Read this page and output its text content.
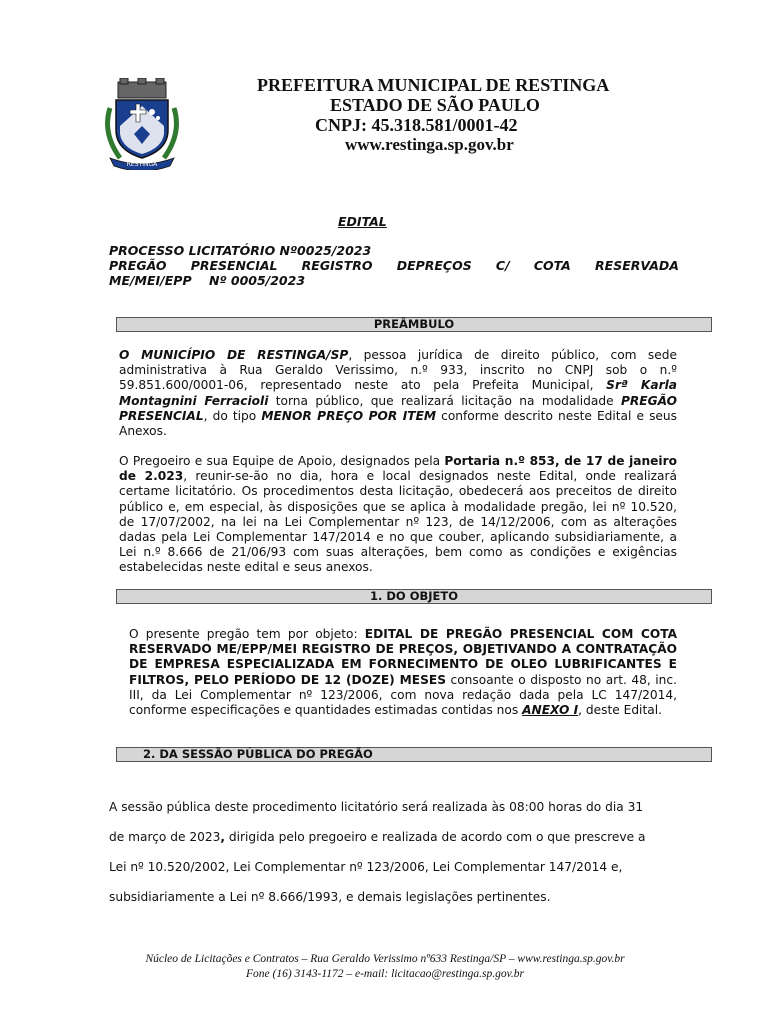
RESTINGA
PREFEITURA MUNICIPAL DE RESTINGA
ESTADO DE SÃO PAULO
CNPJ: 45.318.581/0001-42
www.restinga.sp.gov.br
EDITAL
PROCESSO LICITATÓRIO Nº0025/2023
PREGÃO PRESENCIAL REGISTRO DEPREÇOS C/ COTA RESERVADA
ME/MEI/EPP    Nº 0005/2023
PREÂMBULO
O MUNICÍPIO DE RESTINGA/SP, pessoa jurídica de direito público, com sede administrativa à Rua Geraldo Verissimo, n.º 933, inscrito no CNPJ sob o n.º 59.851.600/0001-06, representado neste ato pela Prefeita Municipal, Srª Karla Montagnini Ferracioli torna público, que realizará licitação na modalidade PREGÃO PRESENCIAL, do tipo MENOR PREÇO POR ITEM conforme descrito neste Edital e seus Anexos.
O Pregoeiro e sua Equipe de Apoio, designados pela Portaria n.º 853, de 17 de janeiro de 2.023, reunir-se-ão no dia, hora e local designados neste Edital, onde realizará certame licitatório. Os procedimentos desta licitação, obedecerá aos preceitos de direito público e, em especial, às disposições que se aplica à modalidade pregão, lei nº 10.520, de 17/07/2002, na lei na Lei Complementar nº 123, de 14/12/2006, com as alterações dadas pela Lei Complementar 147/2014 e no que couber, aplicando subsidiariamente, a Lei n.º 8.666 de 21/06/93 com suas alterações, bem como as condições e exigências estabelecidas neste edital e seus anexos.
1. DO OBJETO
O presente pregão tem por objeto: EDITAL DE PREGÃO PRESENCIAL COM COTA RESERVADO ME/EPP/MEI REGISTRO DE PREÇOS, OBJETIVANDO A CONTRATAÇÃO DE EMPRESA ESPECIALIZADA EM FORNECIMENTO DE OLEO LUBRIFICANTES E FILTROS, PELO PERÍODO DE 12 (DOZE) MESES consoante o disposto no art. 48, inc. III, da Lei Complementar nº 123/2006, com nova redação dada pela LC 147/2014, conforme especificações e quantidades estimadas contidas nos ANEXO I, deste Edital.
2. DA SESSÃO PÚBLICA DO PREGÃO
A sessão pública deste procedimento licitatório será realizada às 08:00 horas do dia 31
de março de 2023, dirigida pelo pregoeiro e realizada de acordo com o que prescreve a
Lei nº 10.520/2002, Lei Complementar nº 123/2006, Lei Complementar 147/2014 e,
subsidiariamente a Lei nº 8.666/1993, e demais legislações pertinentes.
Núcleo de Licitações e Contratos – Rua Geraldo Verissimo nº633 Restinga/SP – www.restinga.sp.gov.br
Fone (16) 3143-1172 – e-mail: licitacao@restinga.sp.gov.br
